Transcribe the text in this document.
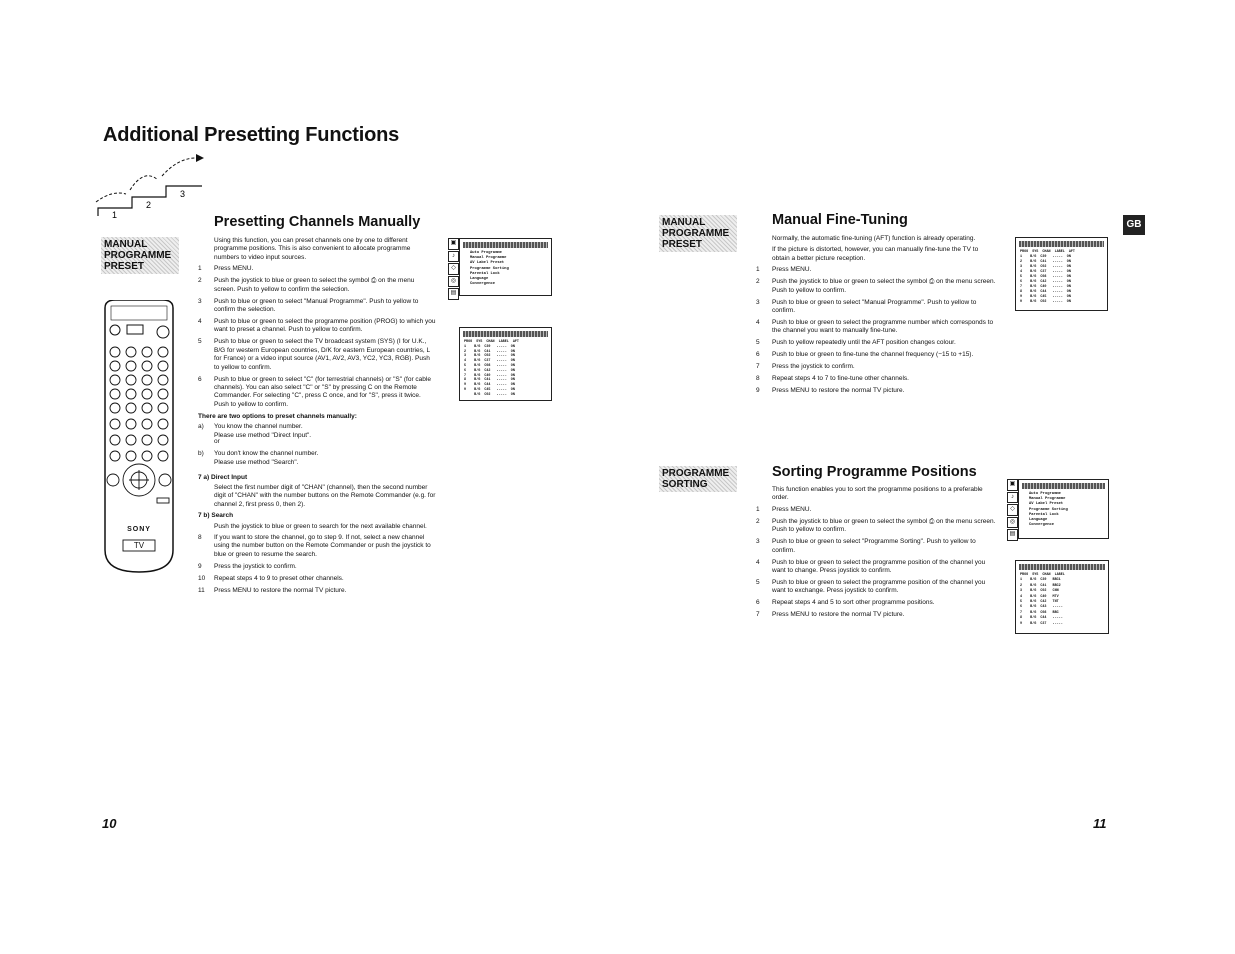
Additional Presetting Functions
1
2
3
MANUAL
PROGRAMME
PRESET
SONY
TV
Presetting Channels Manually
Using this function, you can preset channels one by one to different programme positions. This is also convenient to allocate programme numbers to video input sources.
1	Press MENU.
2	Push the joystick to blue or green to select the symbol ⎙ on the menu screen. Push to yellow to confirm the selection.
3	Push to blue or green to select "Manual Programme". Push to yellow to confirm the selection.
4	Push to blue or green to select the programme position (PROG) to which you want to preset a channel. Push to yellow to confirm.
5	Push to blue or green to select the TV broadcast system (SYS) (I for U.K., B/G for western European countries, D/K for eastern European countries, L for France) or a video input source (AV1, AV2, AV3, YC2, YC3, RGB). Push to yellow to confirm.
6	Push to blue or green to select "C" (for terrestrial channels) or "S" (for cable channels). You can also select "C" or "S" by pressing C on the Remote Commander. For selecting "C", press C once, and for "S", press it twice. Push to yellow to confirm.
There are two options to preset channels manually:
a)	You know the channel number.
Please use method "Direct Input".
or
b)	You don't know the channel number.
Please use method "Search".
7 a) Direct Input
Select the first number digit of "CHAN" (channel), then the second number digit of "CHAN" with the number buttons on the Remote Commander (e.g. for channel 2, first press 0, then 2).
7 b) Search
Push the joystick to blue or green to search for the next available channel.
8	If you want to store the channel, go to step 9. If not, select a new channel using the number button on the Remote Commander or push the joystick to blue or green to resume the search.
9	Press the joystick to confirm.
10	Repeat steps 4 to 9 to preset other channels.
11	Press MENU to restore the normal TV picture.
▣
♪
◇
◎
▤
Auto Programme
Manual Programme
AV Label Preset
Programme Sorting
Parental Lock
Language
Convergence
PROG  SYS  CHAN  LABEL  AFT
1    B/G  C39   -----  ON
2    B/G  C41   -----  ON
3    B/G  C02   -----  ON
4    B/G  C37   -----  ON
5    B/G  C08   -----  ON
6    B/G  C42   -----  ON
7    B/G  C40   -----  ON
8    B/G  C41   -----  ON
9    B/G  C44   -----  ON
0    B/G  C45   -----  ON
B/G  C02   -----  ON
10
GB
MANUAL
PROGRAMME
PRESET
Manual Fine-Tuning
Normally, the automatic fine-tuning (AFT) function is already operating.
If the picture is distorted, however, you can manually fine-tune the TV to obtain a better picture reception.
1	Press MENU.
2	Push the joystick to blue or green to select the symbol ⎙ on the menu screen. Push to yellow to confirm.
3	Push to blue or green to select "Manual Programme". Push to yellow to confirm.
4	Push to blue or green to select the programme number which corresponds to the channel you want to manually fine-tune.
5	Push to yellow repeatedly until the AFT position changes colour.
6	Push to blue or green to fine-tune the channel frequency (−15 to +15).
7	Press the joystick to confirm.
8	Repeat steps 4 to 7 to fine-tune other channels.
9	Press MENU to restore the normal TV picture.
PROG  SYS  CHAN  LABEL  AFT
1    B/G  C39   -----  ON
2    B/G  C41   -----  ON
3    B/G  C02   -----  ON
4    B/G  C37   -----  ON
5    B/G  C08   -----  ON
6    B/G  C42   -----  ON
7    B/G  C40   -----  ON
8    B/G  C44   -----  ON
9    B/G  C45   -----  ON
0    B/G  C02   -----  ON
PROGRAMME
SORTING
Sorting Programme Positions
This function enables you to sort the programme positions to a preferable order.
1	Press MENU.
2	Push the joystick to blue or green to select the symbol ⎙ on the menu screen. Push to yellow to confirm.
3	Push to blue or green to select "Programme Sorting". Push to yellow to confirm.
4	Push to blue or green to select the programme position of the channel you want to change. Press joystick to confirm.
5	Push to blue or green to select the programme position of the channel you want to exchange. Press joystick to confirm.
6	Repeat steps 4 and 5 to sort other programme positions.
7	Press MENU to restore the normal TV picture.
▣
♪
◇
◎
▤
Auto Programme
Manual Programme
AV Label Preset
Programme Sorting
Parental Lock
Language
Convergence
PROG  SYS  CHAN  LABEL
1    B/G  C39   BBC1
2    B/G  C41   BBC2
3    B/G  C02   CNN
4    B/G  C40   MTV
5    B/G  C42   TNT
6    B/G  C43   -----
7    B/G  C08   BBC
8    B/G  C44   -----
9    B/G  C37   -----
11
